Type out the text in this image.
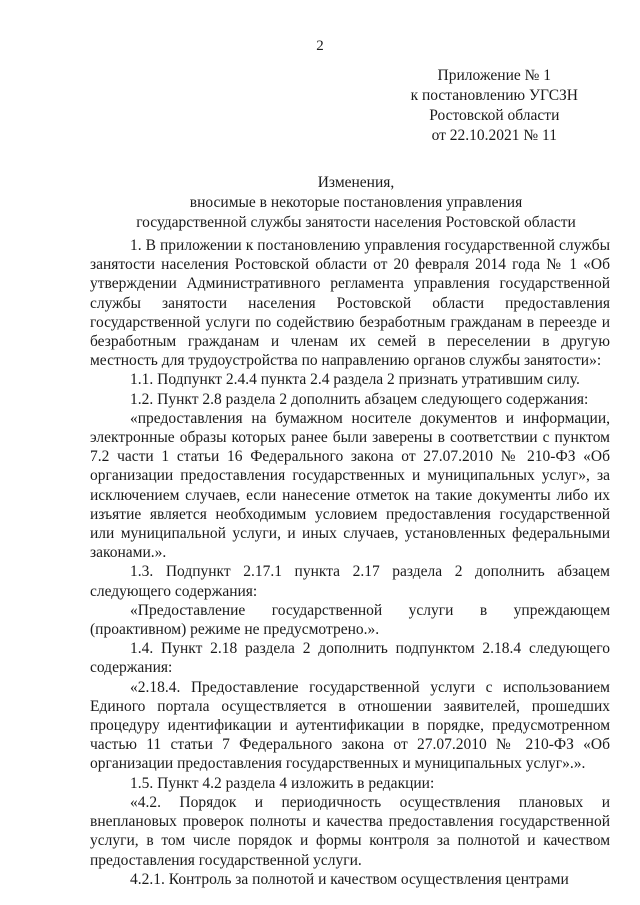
2
Приложение № 1
к постановлению УГСЗН
Ростовской области
от 22.10.2021 № 11
Изменения,
вносимые в некоторые постановления управления
государственной службы занятости населения Ростовской области

1. В приложении к постановлению управления государственной службы занятости населения Ростовской области от 20 февраля 2014 года № 1 «Об утверждении Административного регламента управления государственной службы занятости населения Ростовской области предоставления государственной услуги по содействию безработным гражданам в переезде и безработным гражданам и членам их семей в переселении в другую местность для трудоустройства по направлению органов службы занятости»:

1.1. Подпункт 2.4.4 пункта 2.4 раздела 2 признать утратившим силу.

1.2. Пункт 2.8 раздела 2 дополнить абзацем следующего содержания:

«предоставления на бумажном носителе документов и информации, электронные образы которых ранее были заверены в соответствии с пунктом 7.2 части 1 статьи 16 Федерального закона от 27.07.2010 № 210-ФЗ «Об организации предоставления государственных и муниципальных услуг», за исключением случаев, если нанесение отметок на такие документы либо их изъятие является необходимым условием предоставления государственной или муниципальной услуги, и иных случаев, установленных федеральными законами.».

1.3. Подпункт 2.17.1 пункта 2.17 раздела 2 дополнить абзацем следующего содержания:

«Предоставление государственной услуги в упреждающем (проактивном) режиме не предусмотрено.».

1.4. Пункт 2.18 раздела 2 дополнить подпунктом 2.18.4 следующего содержания:

«2.18.4. Предоставление государственной услуги с использованием Единого портала осуществляется в отношении заявителей, прошедших процедуру идентификации и аутентификации в порядке, предусмотренном частью 11 статьи 7 Федерального закона от 27.07.2010 № 210-ФЗ «Об организации предоставления государственных и муниципальных услуг».».

1.5. Пункт 4.2 раздела 4 изложить в редакции:

«4.2. Порядок и периодичность осуществления плановых и внеплановых проверок полноты и качества предоставления государственной услуги, в том числе порядок и формы контроля за полнотой и качеством предоставления государственной услуги.

4.2.1. Контроль за полнотой и качеством осуществления центрами
